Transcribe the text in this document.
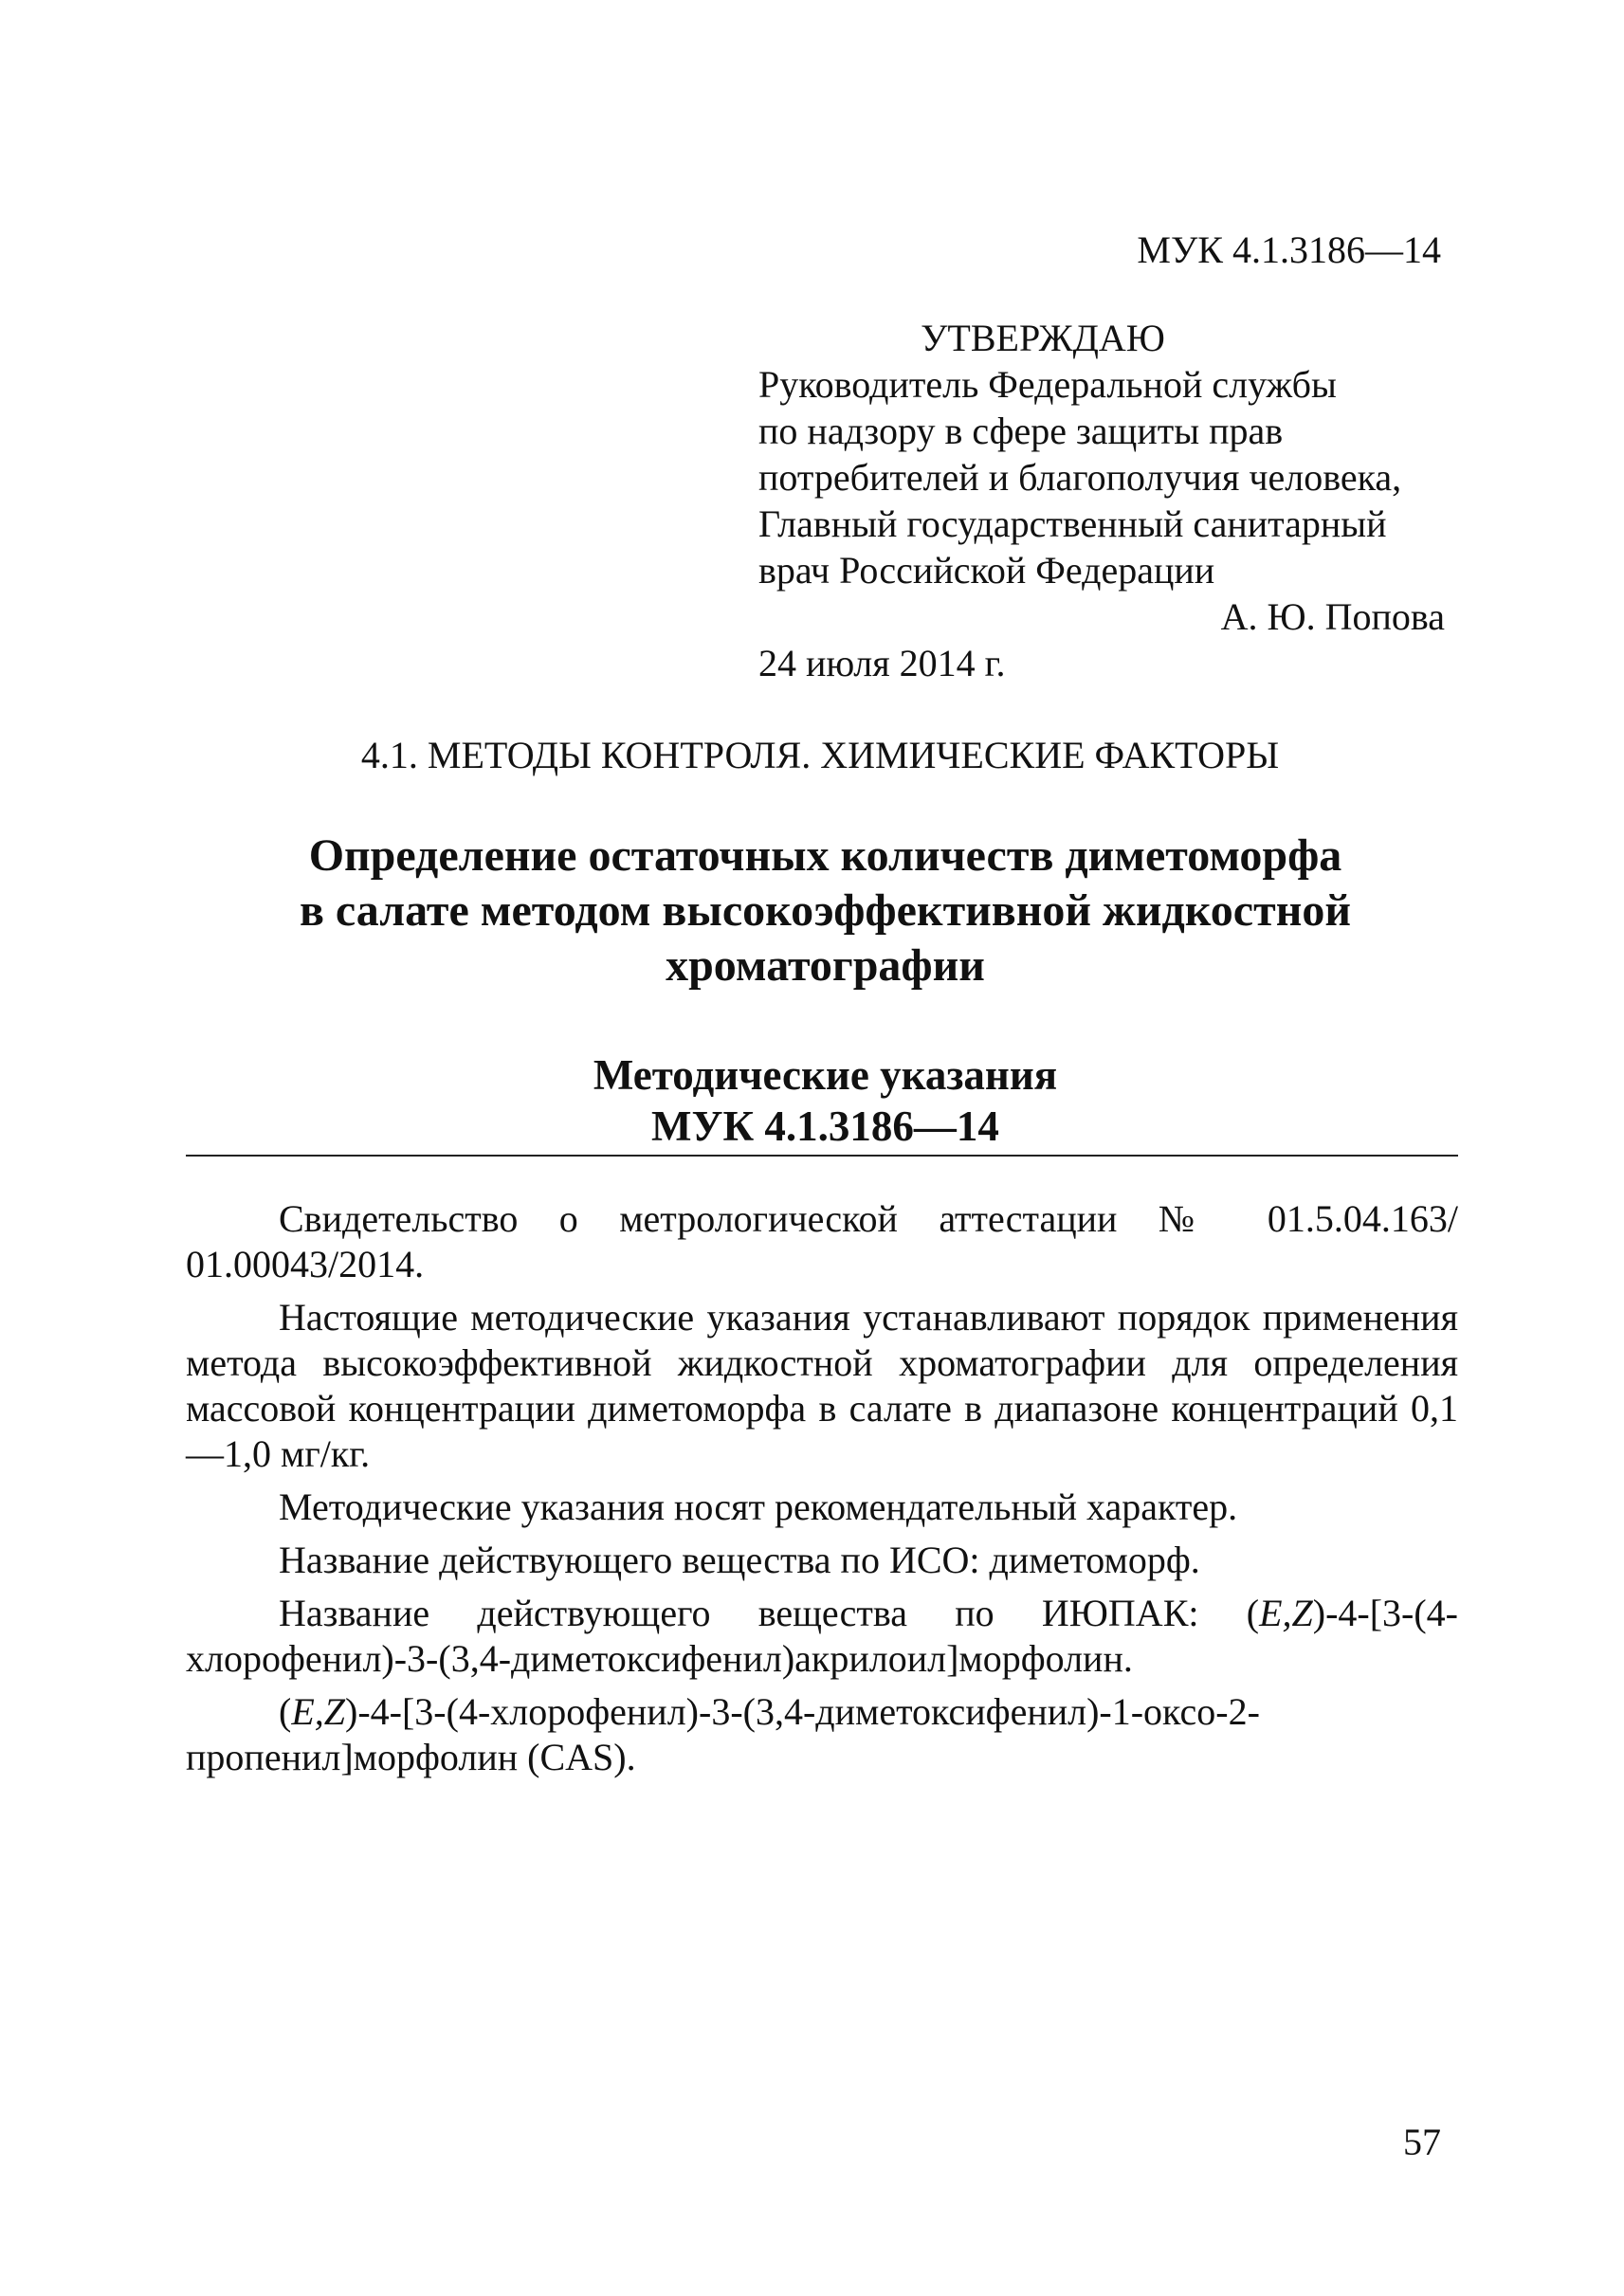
МУК 4.1.3186—14
УТВЕРЖДАЮ
Руководитель Федеральной службы
по надзору в сфере защиты прав
потребителей и благополучия человека,
Главный государственный санитарный
врач Российской Федерации
А. Ю. Попова
24 июля 2014 г.
4.1. МЕТОДЫ КОНТРОЛЯ. ХИМИЧЕСКИЕ ФАКТОРЫ
Определение остаточных количеств диметоморфа
в салате методом высокоэффективной жидкостной
хроматографии
Методические указания
МУК 4.1.3186—14

Свидетельство о метрологической аттестации № 01.5.04.163/ 01.00043/2014.

Настоящие методические указания устанавливают порядок применения метода высокоэффективной жидкостной хроматографии для определения массовой концентрации диметоморфа в салате в диапазоне концентраций 0,1—1,0 мг/кг.

Методические указания носят рекомендательный характер.

Название действующего вещества по ИСО: диметоморф.

Название действующего вещества по ИЮПАК: (E,Z)-4-[3-(4-хлорофенил)-3-(3,4-диметоксифенил)акрилоил]морфолин.

(E,Z)-4-[3-(4-хлорофенил)-3-(3,4-диметоксифенил)-1-оксо-2-пропенил]морфолин (CAS).

57
